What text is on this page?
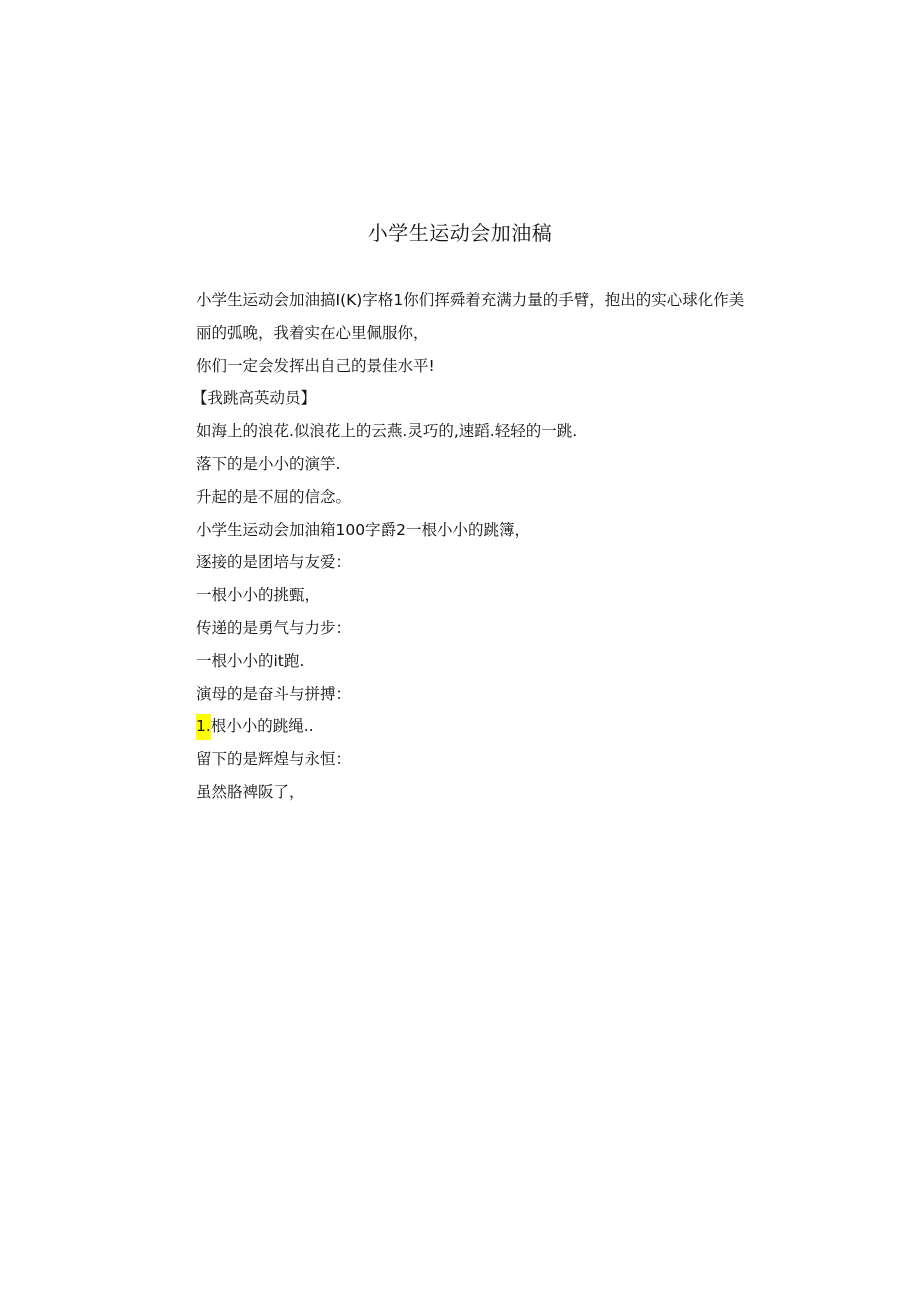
小学生运动会加油稿
小学生运动会加油搞I(K)字格1你们挥舜着充满力量的手臂，抱出的实心球化作美
丽的弧晚，我着实在心里佩服你，
你们一定会发挥出自己的景佳水平!
【我跳高英动员】
如海上的浪花.似浪花上的云燕.灵巧的,速蹈.轻轻的一跳.
落下的是小小的演竽.
升起的是不屈的信念。
小学生运动会加油箱100字爵2一根小小的跳簿，
逐接的是团培与友爱：
一根小小的挑甄，
传递的是勇气与力步：
一根小小的it跑.
演母的是奋斗与拼搏：
1.根小小的跳绳..
留下的是辉煌与永恒：
虽然胳裨阪了，
